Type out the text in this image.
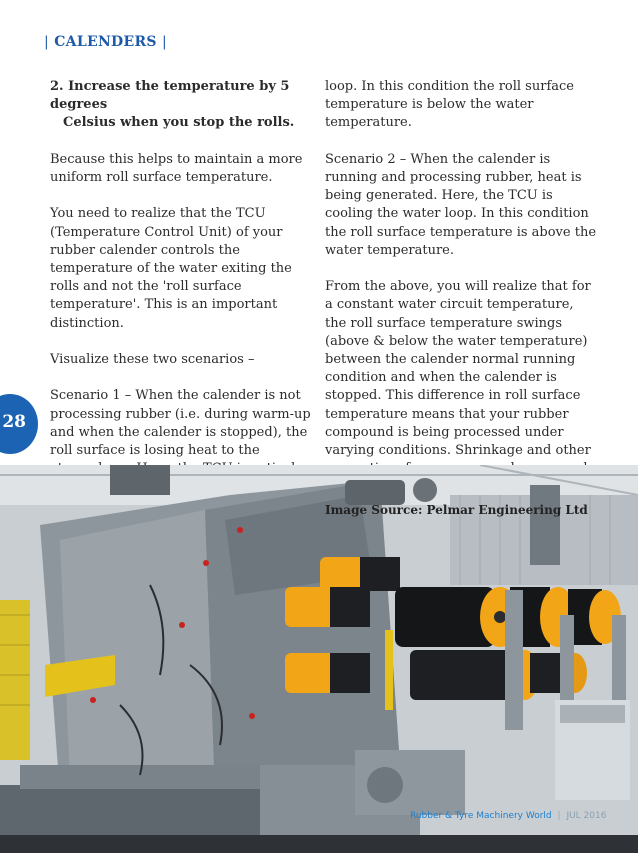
| CALENDERS |

2. Increase the temperature by 5 degrees
Celsius when you stop the rolls.

Because this helps to maintain a more uniform roll surface temperature.

You need to realize that the TCU (Temperature Control Unit) of your rubber calender controls the temperature of the water exiting the rolls and not the 'roll surface temperature'. This is an important distinction.

Visualize these two scenarios –

Scenario 1 – When the calender is not processing rubber (i.e. during warm-up and when the calender is stopped), the roll surface is losing heat to the

loop. In this condition the roll surface temperature is below the water temperature.

Scenario 2 – When the calender is running and processing rubber, heat is being generated. Here, the TCU is cooling the water loop. In this condition the roll surface temperature is above the water temperature.

From the above, you will realize that for a constant water circuit temperature, the roll surface temperature swings (above & below the water temperature) between the calender normal running condition and when the calender is stopped. This difference in roll surface temperature means that your rubber compound is being processed under varying conditions. Shrinkage and other

28
Image Source: Pelmar Engineering Ltd
Rubber & Tyre Machinery World | JUL 2016
